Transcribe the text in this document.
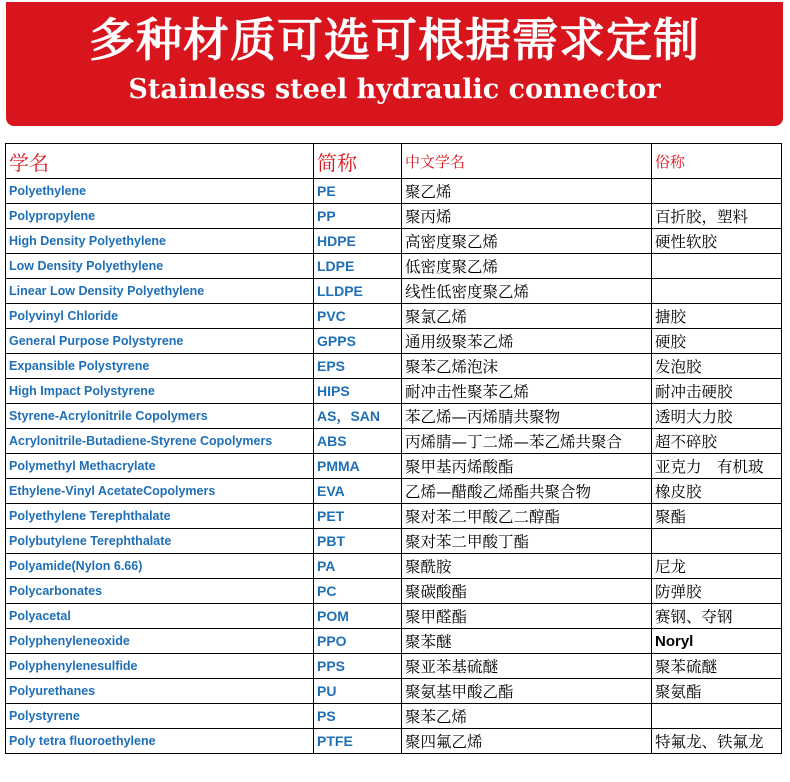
多种材质可选可根据需求定制
Stainless steel hydraulic connector
学名	简称	中文学名	俗称
Polyethylene	PE	聚乙烯	
Polypropylene	PP	聚丙烯	百折胶，塑料
High Density Polyethylene	HDPE	高密度聚乙烯	硬性软胶
Low Density Polyethylene	LDPE	低密度聚乙烯	
Linear Low Density Polyethylene	LLDPE	线性低密度聚乙烯	
Polyvinyl Chloride	PVC	聚氯乙烯	搪胶
General Purpose Polystyrene	GPPS	通用级聚苯乙烯	硬胶
Expansible Polystyrene	EPS	聚苯乙烯泡沫	发泡胶
High Impact Polystyrene	HIPS	耐冲击性聚苯乙烯	耐冲击硬胶
Styrene-Acrylonitrile Copolymers	AS，SAN	苯乙烯—丙烯腈共聚物	透明大力胶
Acrylonitrile-Butadiene-Styrene Copolymers	ABS	丙烯腈—丁二烯—苯乙烯共聚合	超不碎胶
Polymethyl Methacrylate	PMMA	聚甲基丙烯酸酯	亚克力　有机玻
Ethylene-Vinyl AcetateCopolymers	EVA	乙烯—醋酸乙烯酯共聚合物	橡皮胶
Polyethylene Terephthalate	PET	聚对苯二甲酸乙二醇酯	聚酯
Polybutylene Terephthalate	PBT	聚对苯二甲酸丁酯	
Polyamide(Nylon 6.66)	PA	聚酰胺	尼龙
Polycarbonates	PC	聚碳酸酯	防弹胶
Polyacetal	POM	聚甲醛酯	赛钢、夺钢
Polyphenyleneoxide	PPO	聚苯醚	Noryl
Polyphenylenesulfide	PPS	聚亚苯基硫醚	聚苯硫醚
Polyurethanes	PU	聚氨基甲酸乙酯	聚氨酯
Polystyrene	PS	聚苯乙烯	
Poly tetra fluoroethylene	PTFE	聚四氟乙烯	特氟龙、铁氟龙
